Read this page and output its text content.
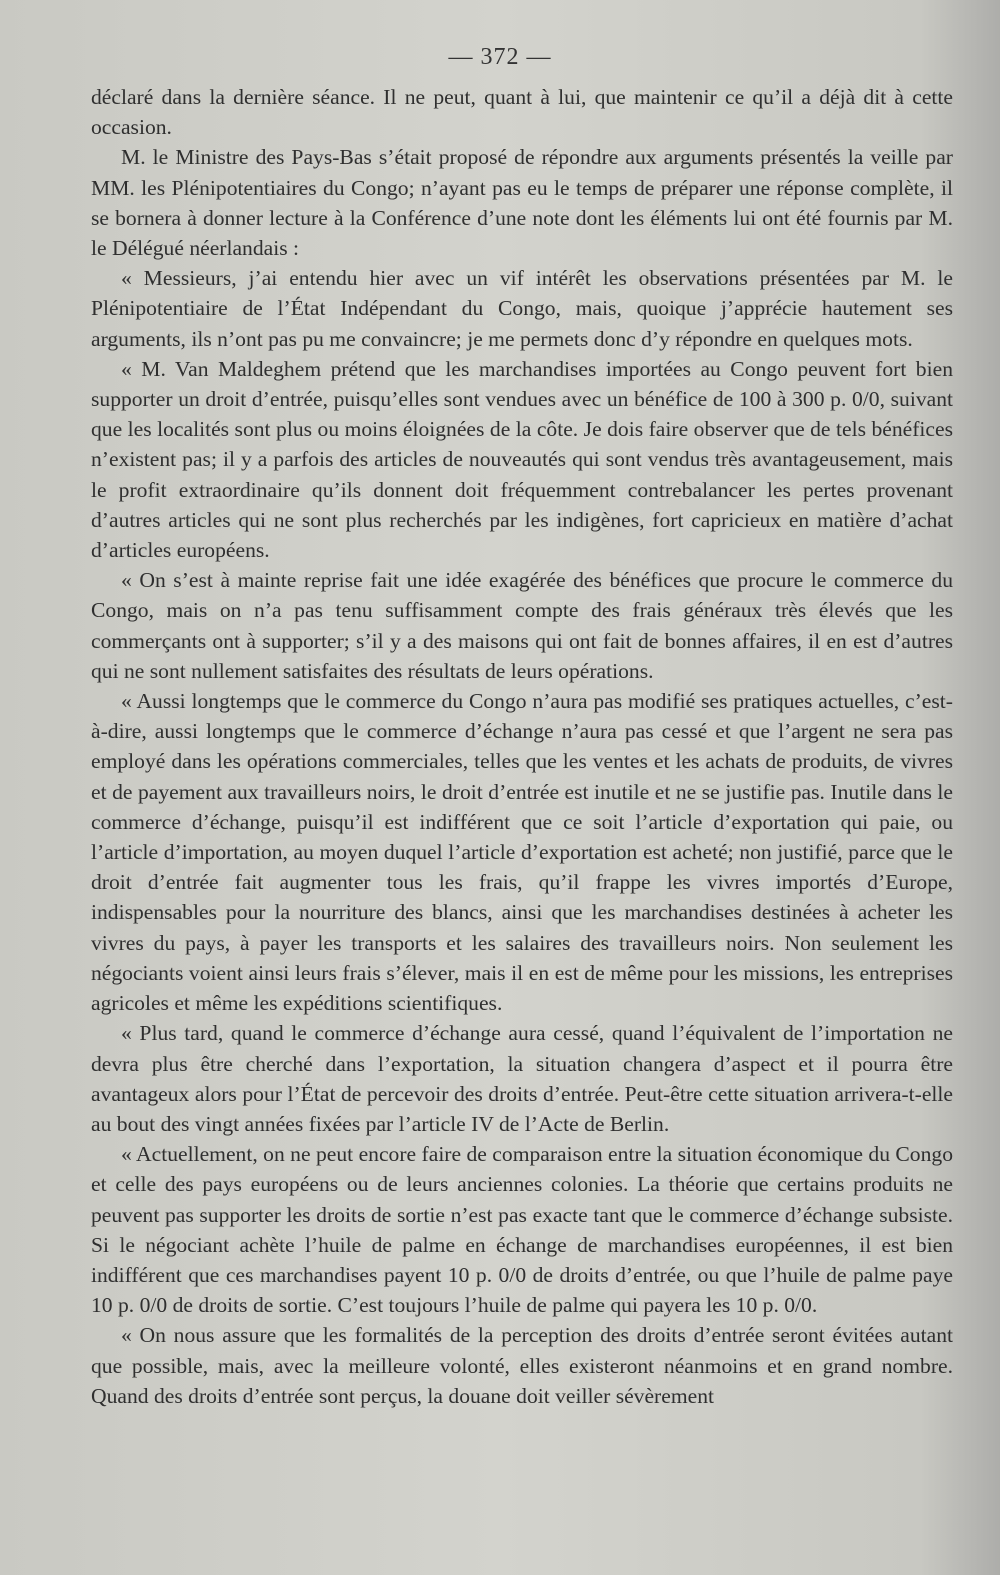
— 372 —

déclaré dans la dernière séance. Il ne peut, quant à lui, que maintenir ce qu’il a déjà dit à cette occasion.

M. le Ministre des Pays-Bas s’était proposé de répondre aux arguments présentés la veille par MM. les Plénipotentiaires du Congo; n’ayant pas eu le temps de préparer une réponse complète, il se bornera à donner lecture à la Conférence d’une note dont les éléments lui ont été fournis par M. le Délégué néerlandais :

« Messieurs, j’ai entendu hier avec un vif intérêt les observations présentées par M. le Plénipotentiaire de l’État Indépendant du Congo, mais, quoique j’apprécie hautement ses arguments, ils n’ont pas pu me convaincre; je me permets donc d’y répondre en quelques mots.

« M. Van Maldeghem prétend que les marchandises importées au Congo peuvent fort bien supporter un droit d’entrée, puisqu’elles sont vendues avec un bénéfice de 100 à 300 p. 0/0, suivant que les localités sont plus ou moins éloignées de la côte. Je dois faire observer que de tels bénéfices n’existent pas; il y a parfois des articles de nouveautés qui sont vendus très avantageusement, mais le profit extraordinaire qu’ils donnent doit fréquemment contrebalancer les pertes provenant d’autres articles qui ne sont plus recherchés par les indigènes, fort capricieux en matière d’achat d’articles européens.

« On s’est à mainte reprise fait une idée exagérée des bénéfices que procure le commerce du Congo, mais on n’a pas tenu suffisamment compte des frais généraux très élevés que les commerçants ont à supporter; s’il y a des maisons qui ont fait de bonnes affaires, il en est d’autres qui ne sont nullement satisfaites des résultats de leurs opérations.

« Aussi longtemps que le commerce du Congo n’aura pas modifié ses pratiques actuelles, c’est-à-dire, aussi longtemps que le commerce d’échange n’aura pas cessé et que l’argent ne sera pas employé dans les opérations commerciales, telles que les ventes et les achats de produits, de vivres et de payement aux travailleurs noirs, le droit d’entrée est inutile et ne se justifie pas. Inutile dans le commerce d’échange, puisqu’il est indifférent que ce soit l’article d’exportation qui paie, ou l’article d’importation, au moyen duquel l’article d’exportation est acheté; non justifié, parce que le droit d’entrée fait augmenter tous les frais, qu’il frappe les vivres importés d’Europe, indispensables pour la nourriture des blancs, ainsi que les marchandises destinées à acheter les vivres du pays, à payer les transports et les salaires des travailleurs noirs. Non seulement les négociants voient ainsi leurs frais s’élever, mais il en est de même pour les missions, les entreprises agricoles et même les expéditions scientifiques.

« Plus tard, quand le commerce d’échange aura cessé, quand l’équivalent de l’importation ne devra plus être cherché dans l’exportation, la situation changera d’aspect et il pourra être avantageux alors pour l’État de percevoir des droits d’entrée. Peut-être cette situation arrivera-t-elle au bout des vingt années fixées par l’article IV de l’Acte de Berlin.

« Actuellement, on ne peut encore faire de comparaison entre la situation économique du Congo et celle des pays européens ou de leurs anciennes colonies. La théorie que certains produits ne peuvent pas supporter les droits de sortie n’est pas exacte tant que le commerce d’échange subsiste. Si le négociant achète l’huile de palme en échange de marchandises européennes, il est bien indifférent que ces marchandises payent 10 p. 0/0 de droits d’entrée, ou que l’huile de palme paye 10 p. 0/0 de droits de sortie. C’est toujours l’huile de palme qui payera les 10 p. 0/0.

« On nous assure que les formalités de la perception des droits d’entrée seront évitées autant que possible, mais, avec la meilleure volonté, elles existeront néanmoins et en grand nombre. Quand des droits d’entrée sont perçus, la douane doit veiller sévèrement
